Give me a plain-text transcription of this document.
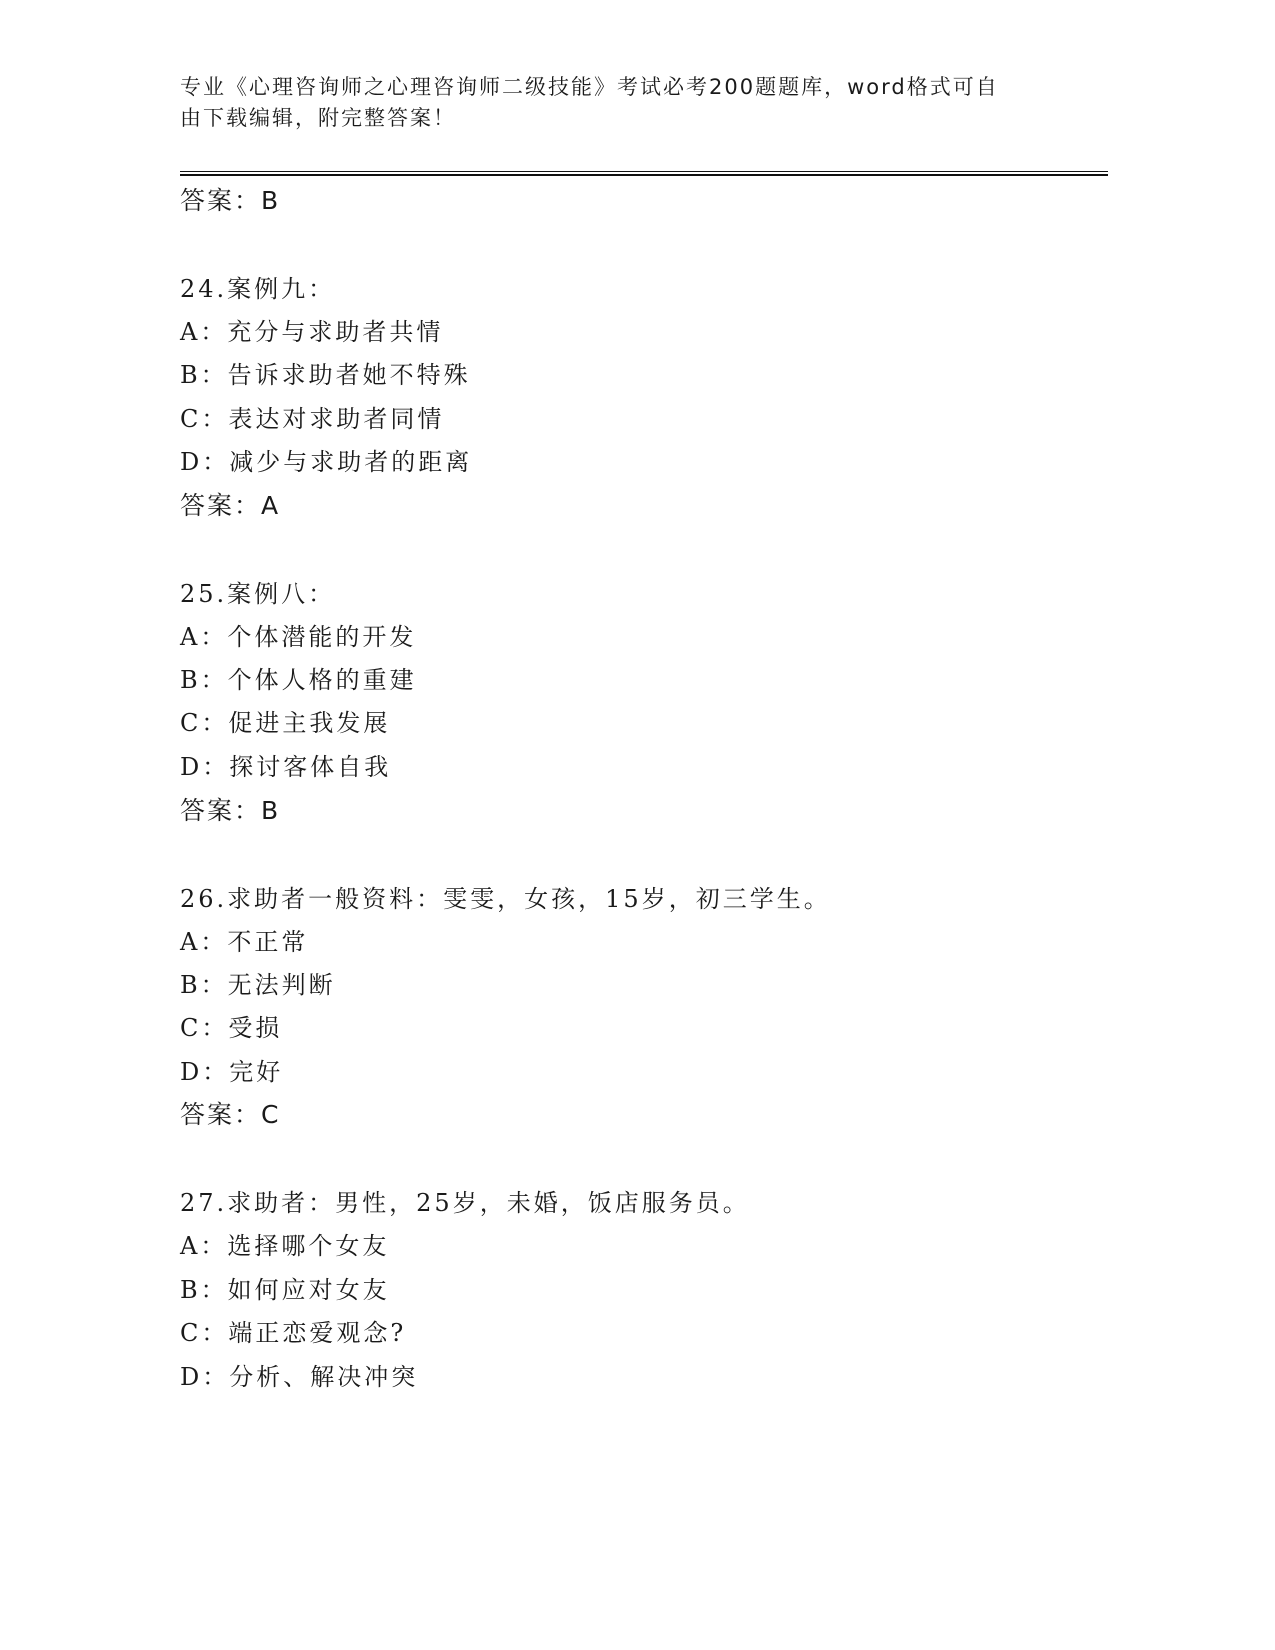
专业《心理咨询师之心理咨询师二级技能》考试必考200题题库，word格式可自
由下载编辑，附完整答案！
答案：B
24.案例九：
A：充分与求助者共情
B：告诉求助者她不特殊
C：表达对求助者同情
D：减少与求助者的距离
答案：A
25.案例八：
A：个体潜能的开发
B：个体人格的重建
C：促进主我发展
D：探讨客体自我
答案：B
26.求助者一般资料：雯雯，女孩，15岁，初三学生。
A：不正常
B：无法判断
C：受损
D：完好
答案：C
27.求助者：男性，25岁，未婚，饭店服务员。
A：选择哪个女友
B：如何应对女友
C：端正恋爱观念?
D：分析、解决冲突
